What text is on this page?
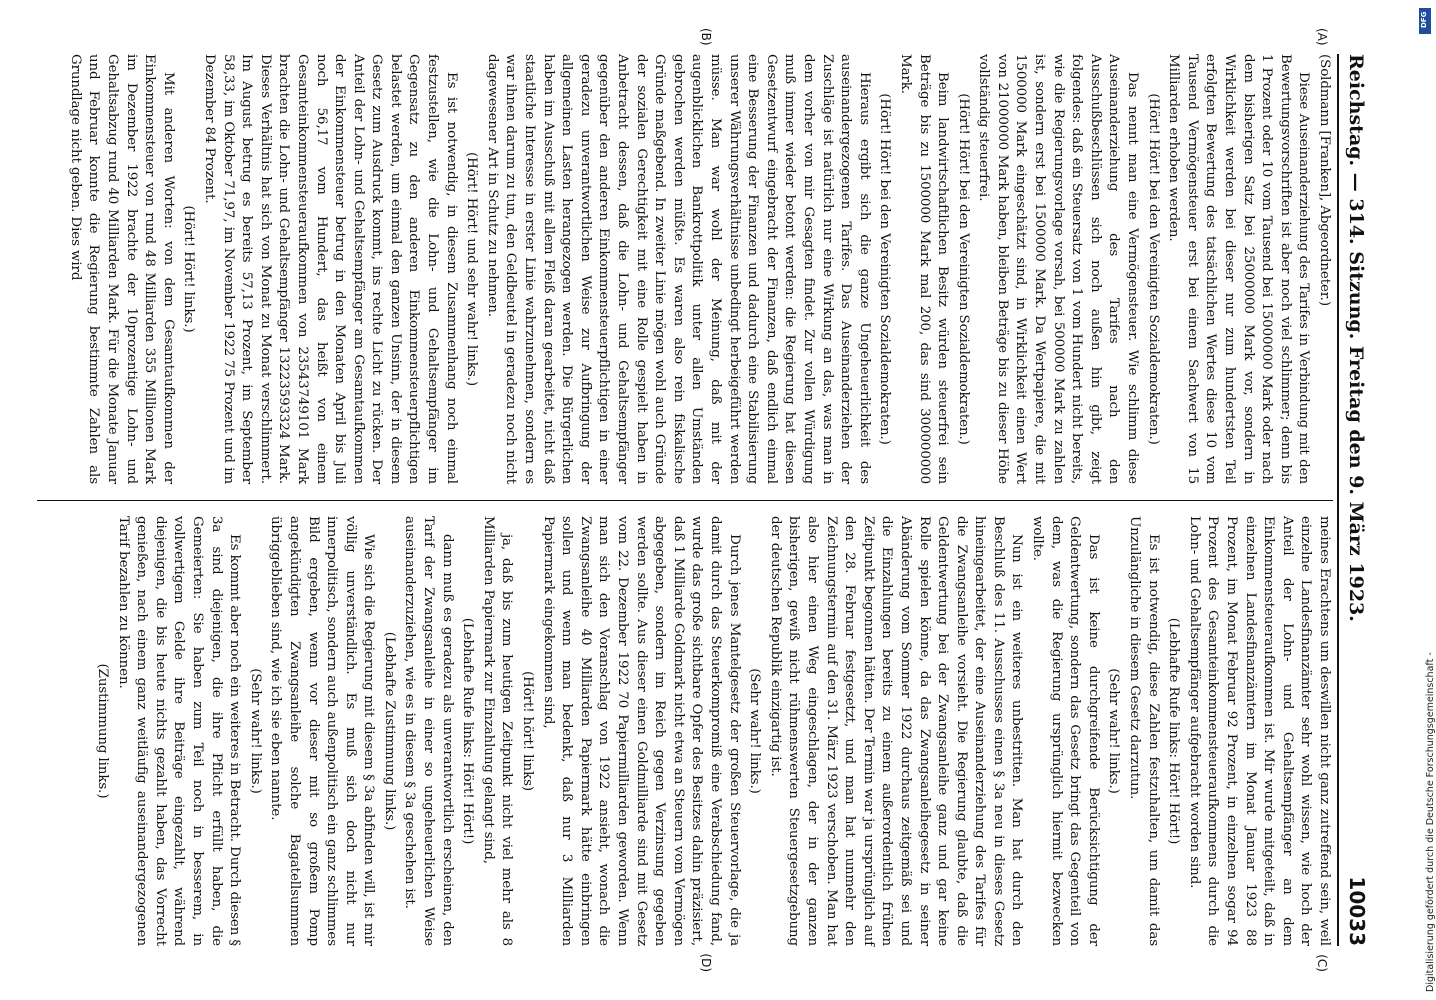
Reichstag. — 314. Sitzung. Freitag den 9. März 1923.
10033

(Soldmann [Franken], Abgeordneter.)

Diese Auseinanderziehung des Tarifes in Verbindung mit den Bewertungsvorschriften ist aber noch viel schlimmer; denn bis 1 Prozent oder 10 vom Tausend bei 15000000 Mark oder nach dem bisherigen Satz bei 25000000 Mark vor, sondern in Wirklichkeit werden bei dieser nur zum hundertsten Teil erfolgten Bewertung des tatsächlichen Wertes diese 10 vom Tausend Vermögensteuer erst bei einem Sachwert von 15 Milliarden erhoben werden.

(Hört! Hört! bei den Vereinigten Sozialdemokraten.)

Das nennt man eine Vermögensteuer. Wie schlimm diese Auseinanderziehung des Tarifes nach den Ausschußbeschlüssen sich noch außen hin gibt, zeigt folgendes: daß ein Steuersatz von 1 vom Hundert nicht bereits, wie die Regierungsvorlage vorsah, bei 500000 Mark zu zahlen ist, sondern erst bei 1500000 Mark. Da Wertpapiere, die mit 1500000 Mark eingeschätzt sind, in Wirklichkeit einen Wert von 21000000 Mark haben, bleiben Beträge bis zu dieser Höhe vollständig steuerfrei.

(Hört! Hört! bei den Vereinigten Sozialdemokraten.)

Beim landwirtschaftlichen Besitz würden steuerfrei sein Beträge bis zu 1500000 Mark mal 200, das sind 300000000 Mark.

(Hört! Hört! bei den Vereinigten Sozialdemokraten.)

Hieraus ergibt sich die ganze Ungeheuerlichkeit des auseinandergezogenen Tarifes. Das Auseinanderziehen der Zuschläge ist natürlich nur eine Wirkung an das, was man in dem vorher von mir Gesagten findet. Zur vollen Würdigung muß immer wieder betont werden: die Regierung hat diesen Gesetzentwurf eingebracht der Finanzen, daß endlich einmal eine Besserung der Finanzen und dadurch eine Stabilisierung unserer Währungsverhältnisse unbedingt herbeigeführt werden müsse. Man war wohl der Meinung, daß mit der augenblicklichen Bankrottpolitik unter allen Umständen gebrochen werden müßte. Es waren also rein fiskalische Gründe maßgebend. In zweiter Linie mögen wohl auch Gründe der sozialen Gerechtigkeit mit eine Rolle gespielt haben in Anbetracht dessen, daß die Lohn- und Gehaltsempfänger gegenüber den anderen Einkommensteuerpflichtigen in einer geradezu unverantwortlichen Weise zur Aufbringung der allgemeinen Lasten herangezogen werden. Die Bürgerlichen haben im Ausschuß mit allem Fleiß daran gearbeitet, nicht daß staatliche Interesse in erster Linie wahrzunehmen, sondern es war ihnen darum zu tun, den Geldbeutel in geradezu noch nicht dagewesener Art in Schutz zu nehmen.

(Hört! Hört! und sehr wahr! links.)

Es ist notwendig, in diesem Zusammenhang noch einmal festzustellen, wie die Lohn- und Gehaltsempfänger im Gegensatz zu den anderen Einkommensteuerpflichtigen belastet werden, um einmal den ganzen Unsinn, der in diesem Gesetz zum Ausdruck kommt, ins rechte Licht zu rücken. Der Anteil der Lohn- und Gehaltsempfänger am Gesamtaufkommen der Einkommensteuer betrug in den Monaten April bis Juli noch 56,17 vom Hundert, das heißt von einem Gesamteinkommensteueraufkommen von 23543749101 Mark brachten die Lohn- und Gehaltsempfänger 13223593324 Mark. Dieses Verhältnis hat sich von Monat zu Monat verschlimmert. Im August betrug es bereits 57,13 Prozent, im September 58,33, im Oktober 71,97, im November 1922 75 Prozent und im Dezember 84 Prozent.

(Hört! Hört! links.)

Mit anderen Worten: von dem Gesamtaufkommen der Einkommensteuer von rund 48 Milliarden 355 Millionen Mark im Dezember 1922 brachte der 10prozentige Lohn- und Gehaltsabzug rund 40 Milliarden Mark. Für die Monate Januar und Februar konnte die Regierung bestimmte Zahlen als Grundlage nicht geben. Dies wird

meines Erachtens um deswillen nicht ganz zutreffend sein, weil einzelne Landesfinanzämter sehr wohl wissen, wie hoch der Anteil der Lohn- und Gehaltsempfänger an dem Einkommensteueraufkommen ist. Mir wurde mitgeteilt, daß in einzelnen Landesfinanzämtern im Monat Januar 1923 88 Prozent, im Monat Februar 92 Prozent, in einzelnen sogar 94 Prozent des Gesamteinkommensteueraufkommens durch die Lohn- und Gehaltsempfänger aufgebracht worden sind.

(Lebhafte Rufe links: Hört! Hört!)

Es ist notwendig, diese Zahlen festzuhalten, um damit das Unzulängliche in diesem Gesetz darzutun.

(Sehr wahr! links.)

Das ist keine durchgreifende Berücksichtigung der Geldentwertung, sondern das Gesetz bringt das Gegenteil von dem, was die Regierung ursprünglich hiermit bezwecken wollte.

Nun ist ein weiteres unbestritten. Man hat durch den Beschluß des 11. Ausschusses einen § 3a neu in dieses Gesetz hineingearbeitet, der eine Auseinanderziehung des Tarifes für die Zwangsanleihe vorsieht. Die Regierung glaubte, daß die Geldentwertung bei der Zwangsanleihe ganz und gar keine Rolle spielen könne, da das Zwangsanleihegesetz in seiner Abänderung vom Sommer 1922 durchaus zeitgemäß sei und die Einzahlungen bereits zu einem außerordentlich frühen Zeitpunkt begonnen hätten. Der Termin war ja ursprünglich auf den 28. Februar festgesetzt, und man hat nunmehr den Zeichnungstermin auf den 31. März 1923 verschoben. Man hat also hier einen Weg eingeschlagen, der in der ganzen bisherigen, gewiß nicht rühmenswerten Steuergesetzgebung der deutschen Republik einzigartig ist.

(Sehr wahr! links.)

Durch jenes Mantelgesetz der großen Steuervorlage, die ja damit durch das Steuerkompromiß eine Verabschiedung fand, wurde das große sichtbare Opfer des Besitzes dahin präzisiert, daß 1 Milliarde Goldmark nicht etwa an Steuern vom Vermögen abgegeben, sondern im Reich gegen Verzinsung gegeben werden sollte. Aus dieser einen Goldmilliarde sind mit Gesetz vom 22. Dezember 1922 70 Papiermilliarden geworden. Wenn man sich den Voranschlag von 1922 ansieht, wonach die Zwangsanleihe 40 Milliarden Papiermark hätte einbringen sollen und wenn man bedenkt, daß nur 3 Milliarden Papiermark eingekommen sind,

(Hört! hört! links)

ja, daß bis zum heutigen Zeitpunkt nicht viel mehr als 8 Milliarden Papiermark zur Einzahlung gelangt sind,

(Lebhafte Rufe links: Hört! Hört!)

dann muß es geradezu als unverantwortlich erscheinen, den Tarif der Zwangsanleihe in einer so ungeheuerlichen Weise auseinanderzuziehen, wie es in diesem § 3a geschehen ist.

(Lebhafte Zustimmung links.)

Wie sich die Regierung mit diesem § 3a abfinden will, ist mir völlig unverständlich. Es muß sich doch nicht nur innerpolitisch, sondern auch außenpolitisch ein ganz schlimmes Bild ergeben, wenn vor dieser mit so großem Pomp angekündigten Zwangsanleihe solche Bagatellsummen übriggeblieben sind, wie ich sie eben nannte.

(Sehr wahr! links.)

Es kommt aber noch ein weiteres in Betracht. Durch diesen § 3a sind diejenigen, die ihre Pflicht erfüllt haben, die Gemeierten: Sie haben zum Teil noch in besserem, in vollwertigem Gelde ihre Beiträge eingezahlt, während diejenigen, die bis heute nichts gezahlt haben, das Vorrecht genießen, nach einem ganz weitläufig auseinandergezogenen Tarif bezahlen zu können.

(Zustimmung links.)

(A)
(B)
(C)
(D)	Digitalisierung gefördert durch die Deutsche Forschungsgemeinschaft -
DFG
